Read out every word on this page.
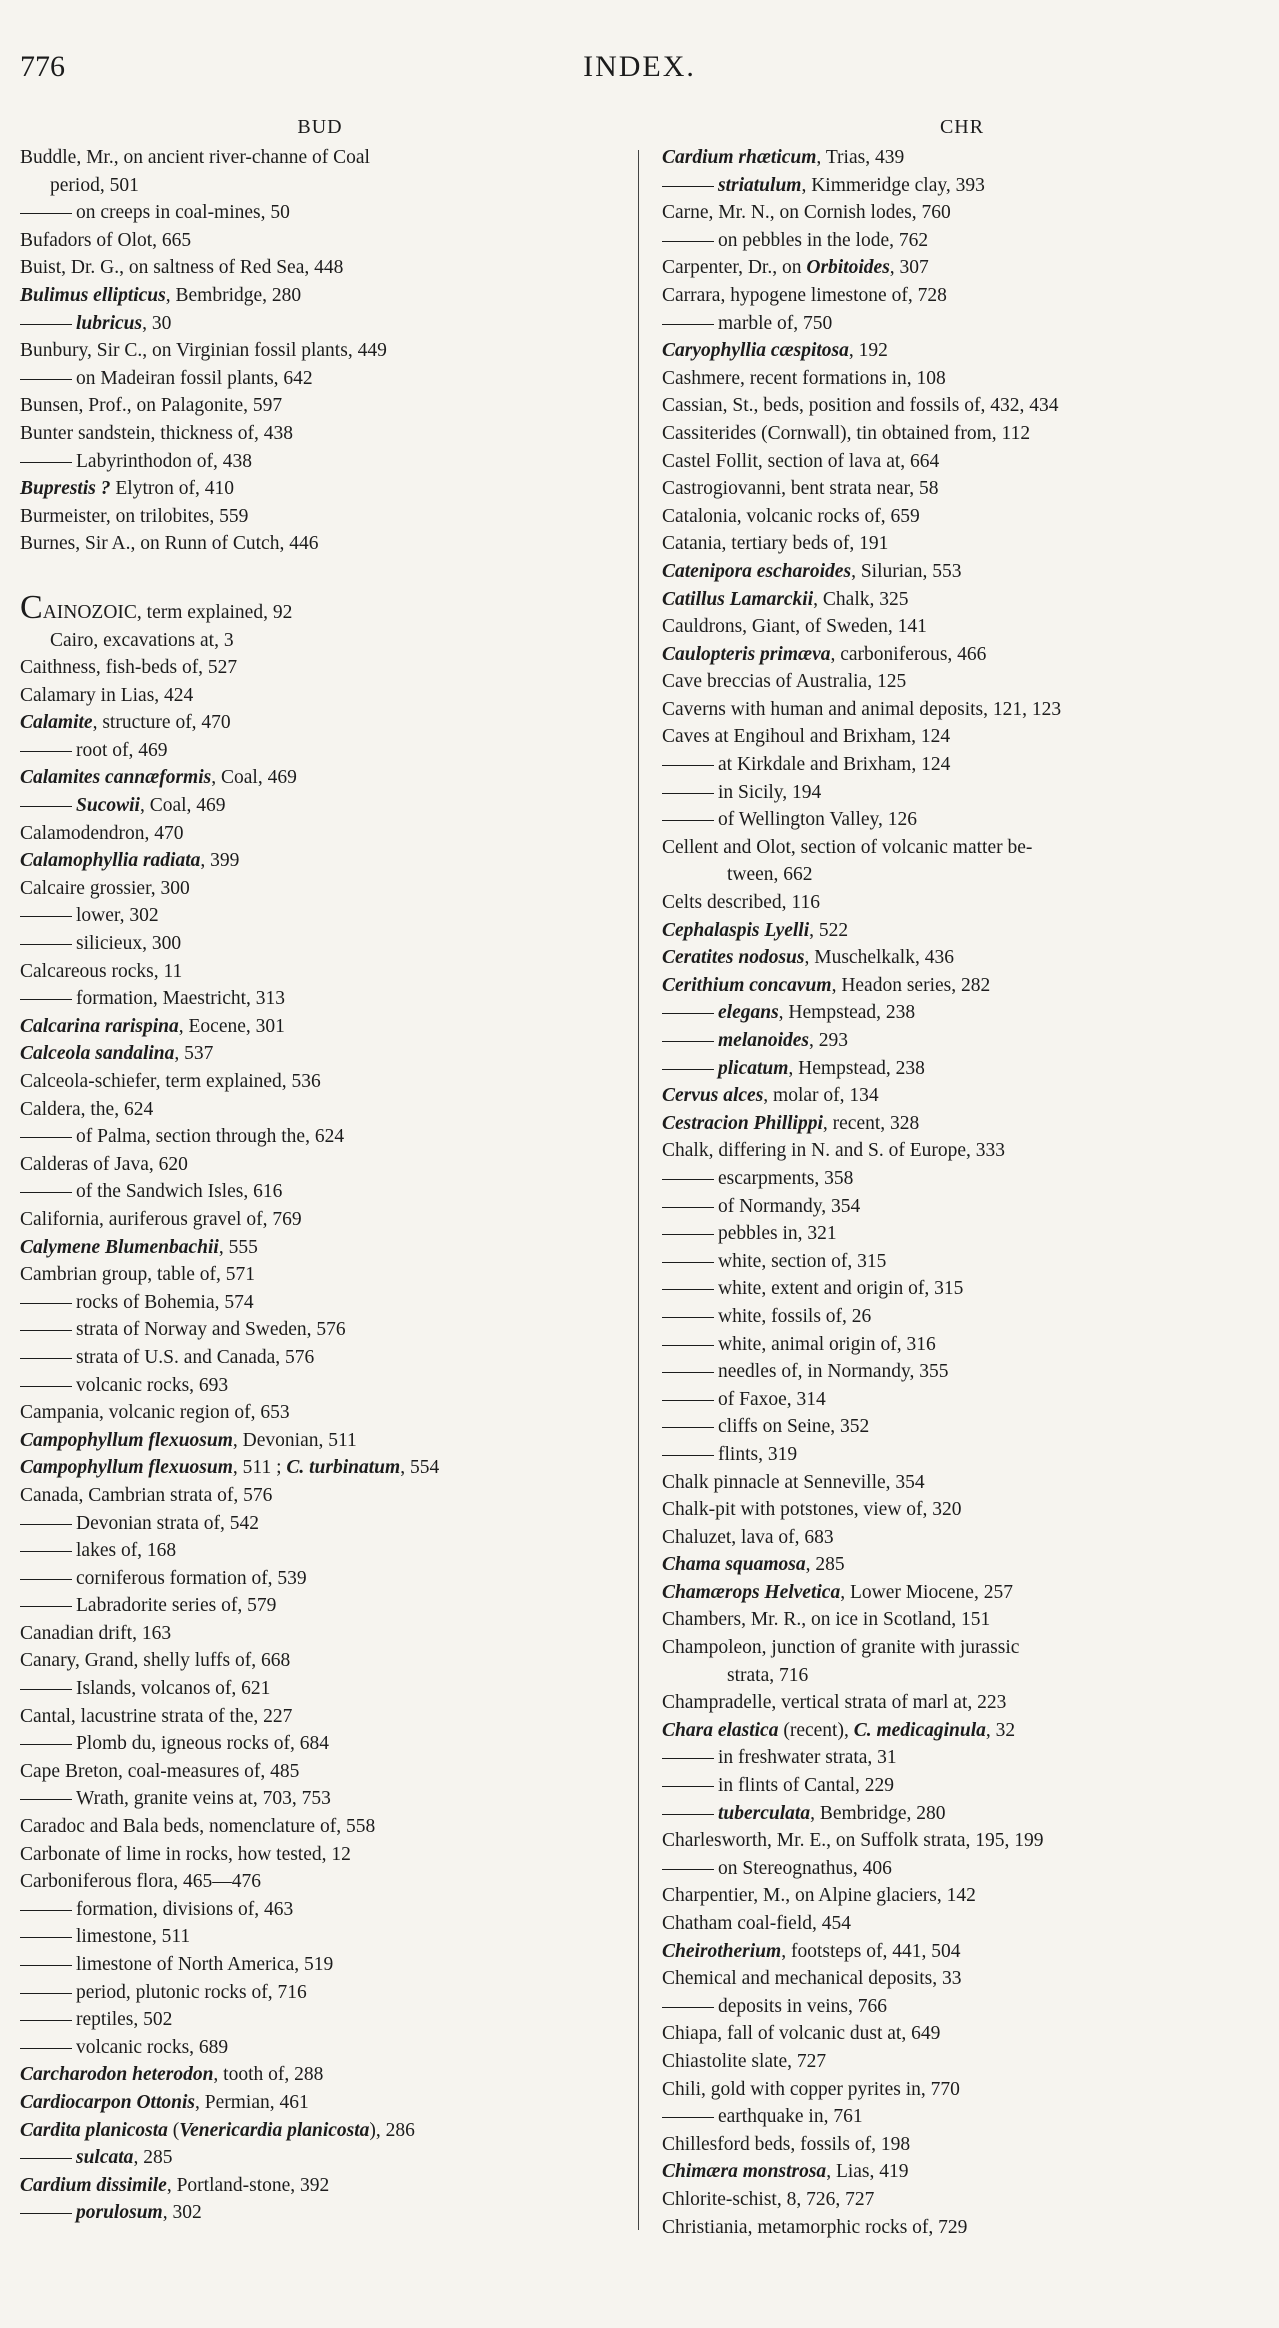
776	INDEX.
BUD
Buddle, Mr., on ancient river-channe of Coal
period, 501
on creeps in coal-mines, 50
Bufadors of Olot, 665
Buist, Dr. G., on saltness of Red Sea, 448
Bulimus ellipticus, Bembridge, 280
lubricus, 30
Bunbury, Sir C., on Virginian fossil plants, 449
on Madeiran fossil plants, 642
Bunsen, Prof., on Palagonite, 597
Bunter sandstein, thickness of, 438
Labyrinthodon of, 438
Buprestis ? Elytron of, 410
Burmeister, on trilobites, 559
Burnes, Sir A., on Runn of Cutch, 446
CAINOZOIC, term explained, 92
Cairo, excavations at, 3
Caithness, fish-beds of, 527
Calamary in Lias, 424
Calamite, structure of, 470
root of, 469
Calamites cannæformis, Coal, 469
Sucowii, Coal, 469
Calamodendron, 470
Calamophyllia radiata, 399
Calcaire grossier, 300
lower, 302
silicieux, 300
Calcareous rocks, 11
formation, Maestricht, 313
Calcarina rarispina, Eocene, 301
Calceola sandalina, 537
Calceola-schiefer, term explained, 536
Caldera, the, 624
of Palma, section through the, 624
Calderas of Java, 620
of the Sandwich Isles, 616
California, auriferous gravel of, 769
Calymene Blumenbachii, 555
Cambrian group, table of, 571
rocks of Bohemia, 574
strata of Norway and Sweden, 576
strata of U.S. and Canada, 576
volcanic rocks, 693
Campania, volcanic region of, 653
Campophyllum flexuosum, Devonian, 511
Campophyllum flexuosum, 511 ; C. turbinatum, 554
Canada, Cambrian strata of, 576
Devonian strata of, 542
lakes of, 168
corniferous formation of, 539
Labradorite series of, 579
Canadian drift, 163
Canary, Grand, shelly luffs of, 668
Islands, volcanos of, 621
Cantal, lacustrine strata of the, 227
Plomb du, igneous rocks of, 684
Cape Breton, coal-measures of, 485
Wrath, granite veins at, 703, 753
Caradoc and Bala beds, nomenclature of, 558
Carbonate of lime in rocks, how tested, 12
Carboniferous flora, 465—476
formation, divisions of, 463
limestone, 511
limestone of North America, 519
period, plutonic rocks of, 716
reptiles, 502
volcanic rocks, 689
Carcharodon heterodon, tooth of, 288
Cardiocarpon Ottonis, Permian, 461
Cardita planicosta (Venericardia planicosta), 286
sulcata, 285
Cardium dissimile, Portland-stone, 392
porulosum, 302
CHR
Cardium rhæticum, Trias, 439
striatulum, Kimmeridge clay, 393
Carne, Mr. N., on Cornish lodes, 760
on pebbles in the lode, 762
Carpenter, Dr., on Orbitoides, 307
Carrara, hypogene limestone of, 728
marble of, 750
Caryophyllia cæspitosa, 192
Cashmere, recent formations in, 108
Cassian, St., beds, position and fossils of, 432, 434
Cassiterides (Cornwall), tin obtained from, 112
Castel Follit, section of lava at, 664
Castrogiovanni, bent strata near, 58
Catalonia, volcanic rocks of, 659
Catania, tertiary beds of, 191
Catenipora escharoides, Silurian, 553
Catillus Lamarckii, Chalk, 325
Cauldrons, Giant, of Sweden, 141
Caulopteris primæva, carboniferous, 466
Cave breccias of Australia, 125
Caverns with human and animal deposits, 121, 123
Caves at Engihoul and Brixham, 124
at Kirkdale and Brixham, 124
in Sicily, 194
of Wellington Valley, 126
Cellent and Olot, section of volcanic matter be-
tween, 662
Celts described, 116
Cephalaspis Lyelli, 522
Ceratites nodosus, Muschelkalk, 436
Cerithium concavum, Headon series, 282
elegans, Hempstead, 238
melanoides, 293
plicatum, Hempstead, 238
Cervus alces, molar of, 134
Cestracion Phillippi, recent, 328
Chalk, differing in N. and S. of Europe, 333
escarpments, 358
of Normandy, 354
pebbles in, 321
white, section of, 315
white, extent and origin of, 315
white, fossils of, 26
white, animal origin of, 316
needles of, in Normandy, 355
of Faxoe, 314
cliffs on Seine, 352
flints, 319
Chalk pinnacle at Senneville, 354
Chalk-pit with potstones, view of, 320
Chaluzet, lava of, 683
Chama squamosa, 285
Chamærops Helvetica, Lower Miocene, 257
Chambers, Mr. R., on ice in Scotland, 151
Champoleon, junction of granite with jurassic
strata, 716
Champradelle, vertical strata of marl at, 223
Chara elastica (recent), C. medicaginula, 32
in freshwater strata, 31
in flints of Cantal, 229
tuberculata, Bembridge, 280
Charlesworth, Mr. E., on Suffolk strata, 195, 199
on Stereognathus, 406
Charpentier, M., on Alpine glaciers, 142
Chatham coal-field, 454
Cheirotherium, footsteps of, 441, 504
Chemical and mechanical deposits, 33
deposits in veins, 766
Chiapa, fall of volcanic dust at, 649
Chiastolite slate, 727
Chili, gold with copper pyrites in, 770
earthquake in, 761
Chillesford beds, fossils of, 198
Chimæra monstrosa, Lias, 419
Chlorite-schist, 8, 726, 727
Christiania, metamorphic rocks of, 729
